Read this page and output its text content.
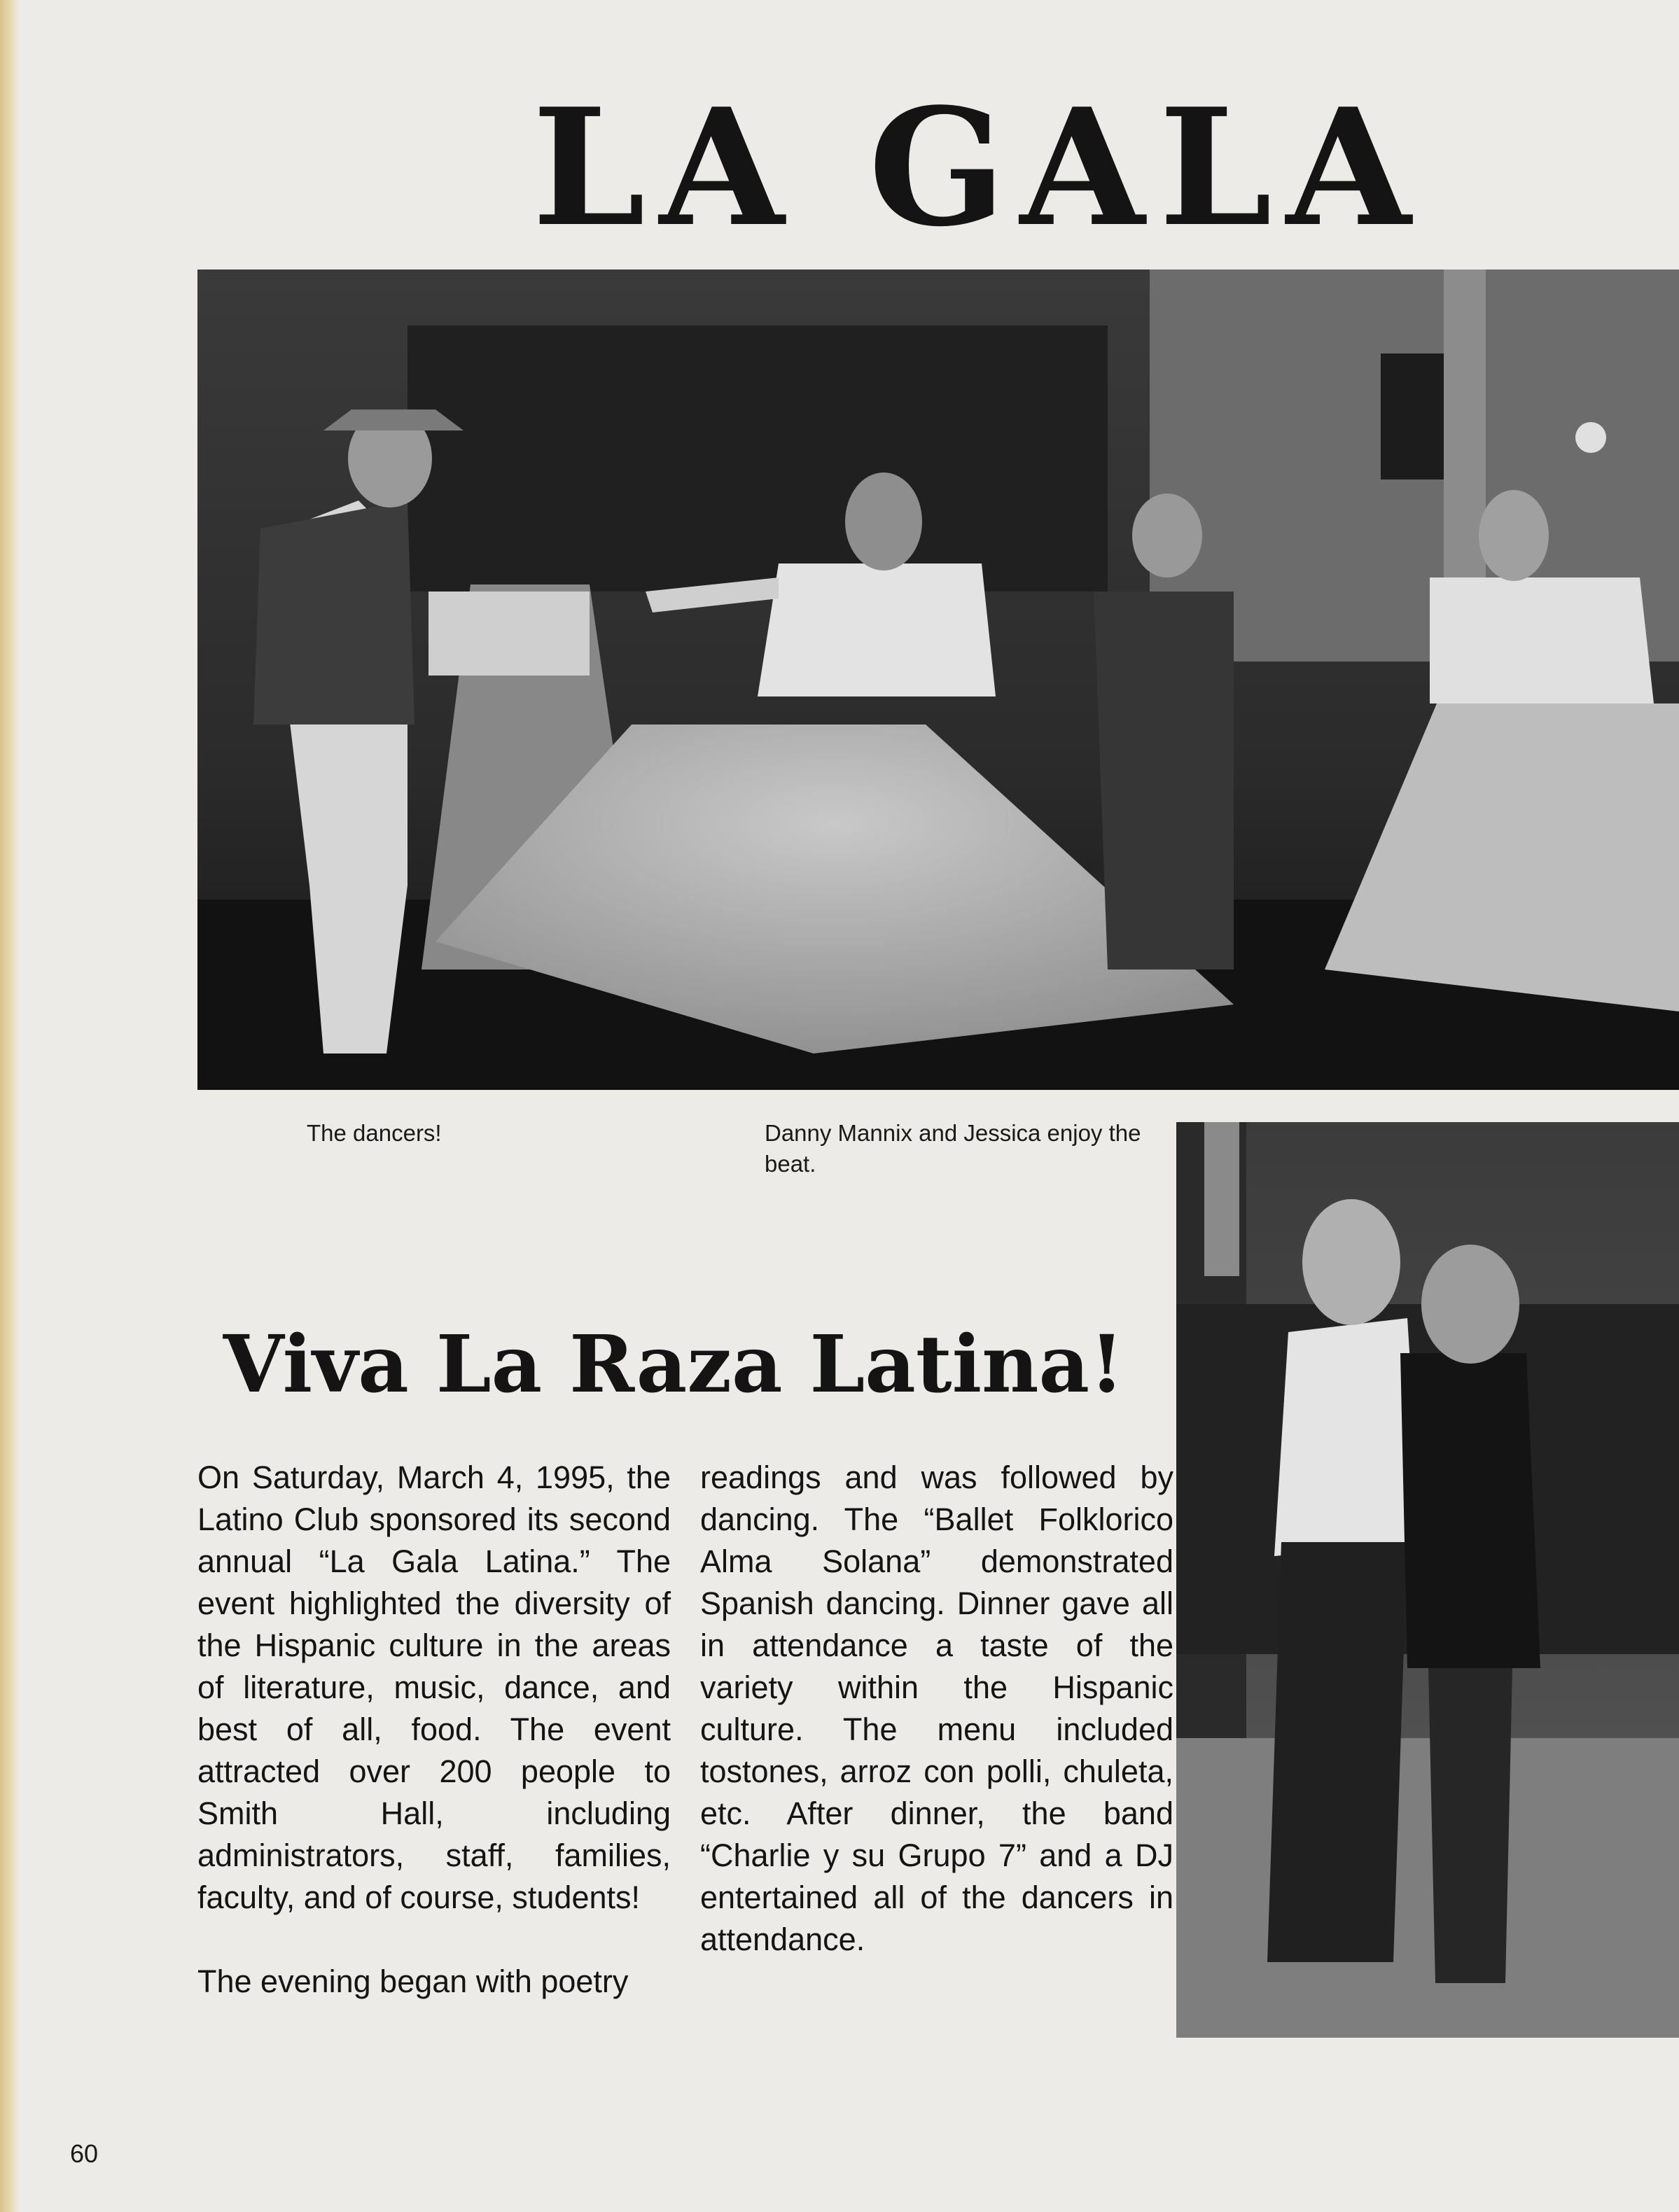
LA GALA
The dancers!	Danny Mannix and Jessica enjoy the beat.
Viva La Raza Latina!

On Saturday, March 4, 1995, the Latino Club sponsored its second annual “La Gala Latina.” The event highlighted the diversity of the Hispanic culture in the areas of literature, music, dance, and best of all, food. The event attracted over 200 people to Smith Hall, including administrators, staff, families, faculty, and of course, students!

The evening began with poetry

readings and was followed by dancing. The “Ballet Folklorico Alma Solana” demonstrated Spanish dancing. Dinner gave all in attendance a taste of the variety within the Hispanic culture. The menu included tostones, arroz con polli, chuleta, etc. After dinner, the band “Charlie y su Grupo 7” and a DJ entertained all of the dancers in attendance.

60
